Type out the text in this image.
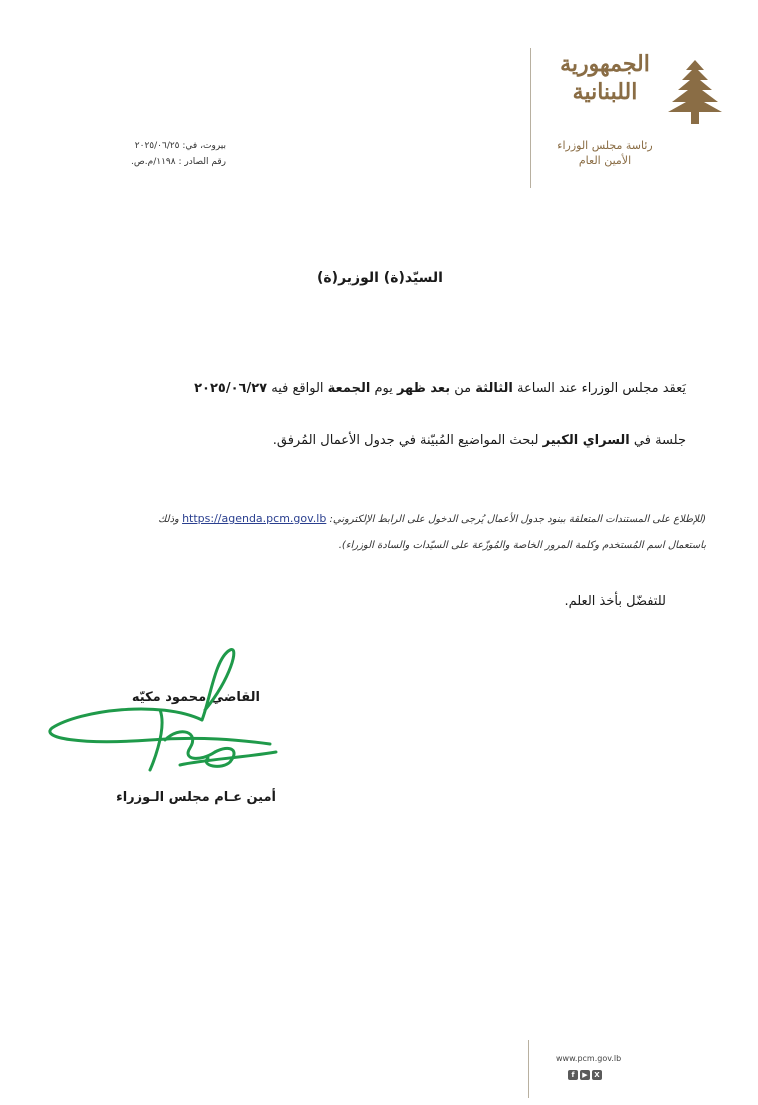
الجمهورية
اللبنانية
رئاسة مجلس الوزراء
الأمين العام
بيروت، في: ٢٠٢٥/٠٦/٢٥
رقم الصادر : ١١٩٨/م.ص.
السيّد(ة) الوزير(ة)
يَعقد مجلس الوزراء عند الساعة الثالثة من بعد ظهر يوم الجمعة الواقع فيه ٢٠٢٥/٠٦/٢٧
جلسة في السراي الكبير لبحث المواضيع المُبيّنة في جدول الأعمال المُرفق.
(للإطلاع على المستندات المتعلقة ببنود جدول الأعمال يُرجى الدخول على الرابط الإلكتروني: https://agenda.pcm.gov.lb وذلك
باستعمال اسم المُستخدم وكلمة المرور الخاصة والمُوزّعة على السيّدات والسادة الوزراء).
للتفضّل بأخذ العلم.
القاضي محمود مكيّه
أمين عـام مجلس الـوزراء
www.pcm.gov.lb
f	▶ X
